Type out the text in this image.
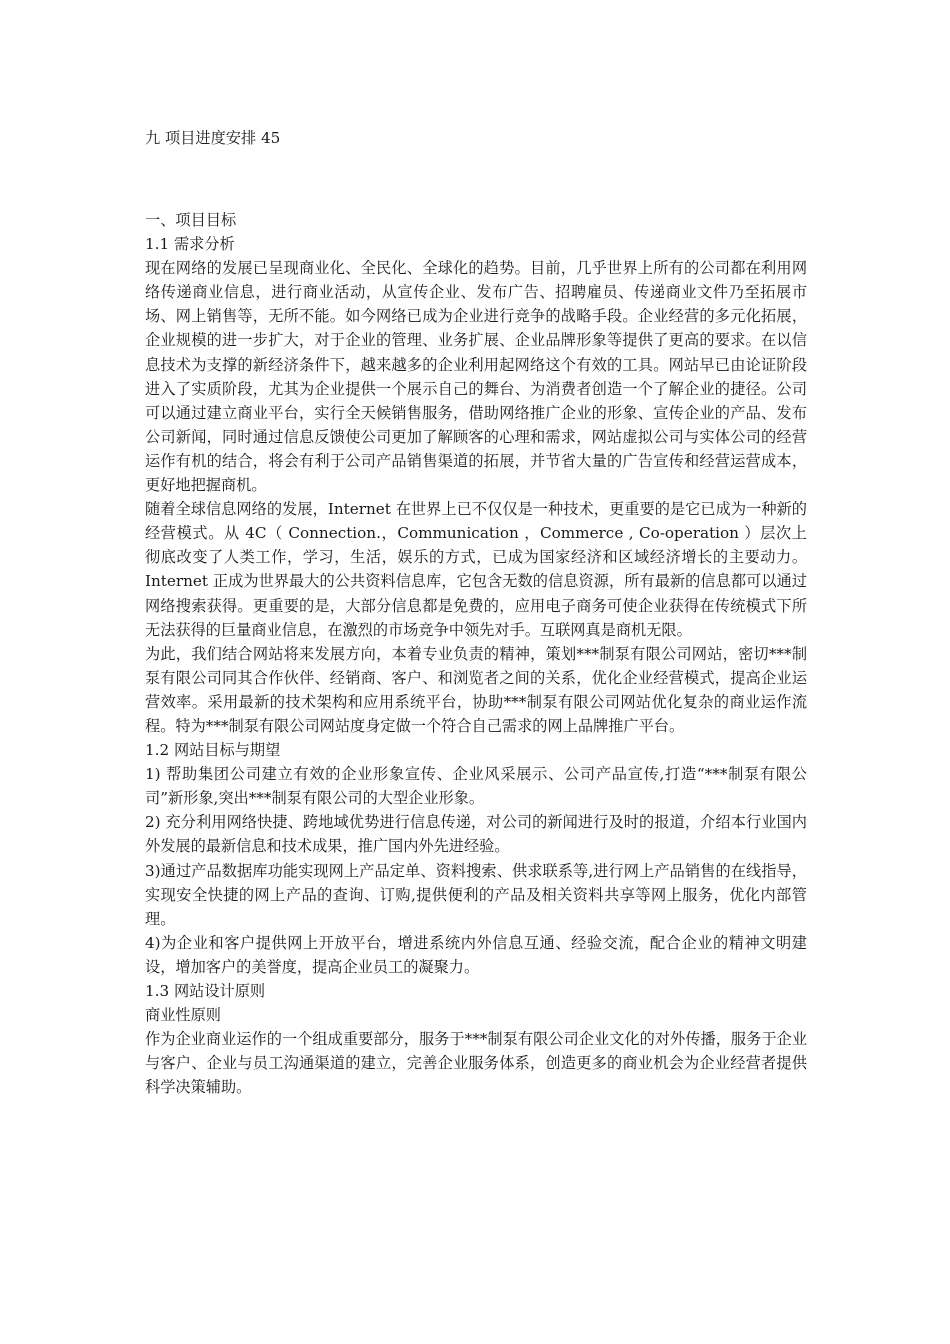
九 项目进度安排 45

一、项目目标

1.1 需求分析

现在网络的发展已呈现商业化、全民化、全球化的趋势。目前，几乎世界上所有的公司都在利用网络传递商业信息，进行商业活动，从宣传企业、发布广告、招聘雇员、传递商业文件乃至拓展市场、网上销售等，无所不能。如今网络已成为企业进行竞争的战略手段。企业经营的多元化拓展，企业规模的进一步扩大，对于企业的管理、业务扩展、企业品牌形象等提供了更高的要求。在以信息技术为支撑的新经济条件下，越来越多的企业利用起网络这个有效的工具。网站早已由论证阶段进入了实质阶段，尤其为企业提供一个展示自己的舞台、为消费者创造一个了解企业的捷径。公司可以通过建立商业平台，实行全天候销售服务，借助网络推广企业的形象、宣传企业的产品、发布公司新闻，同时通过信息反馈使公司更加了解顾客的心理和需求，网站虚拟公司与实体公司的经营运作有机的结合，将会有利于公司产品销售渠道的拓展，并节省大量的广告宣传和经营运营成本，更好地把握商机。

随着全球信息网络的发展，Internet 在世界上已不仅仅是一种技术，更重要的是它已成为一种新的经营模式。从 4C（ Connection.，Communication ，Commerce , Co-operation ）层次上彻底改变了人类工作，学习，生活，娱乐的方式，已成为国家经济和区域经济增长的主要动力。Internet 正成为世界最大的公共资料信息库，它包含无数的信息资源，所有最新的信息都可以通过网络搜索获得。更重要的是，大部分信息都是免费的，应用电子商务可使企业获得在传统模式下所无法获得的巨量商业信息，在激烈的市场竞争中领先对手。互联网真是商机无限。

为此，我们结合网站将来发展方向，本着专业负责的精神，策划***制泵有限公司网站，密切***制泵有限公司同其合作伙伴、经销商、客户、和浏览者之间的关系，优化企业经营模式，提高企业运营效率。采用最新的技术架构和应用系统平台，协助***制泵有限公司网站优化复杂的商业运作流程。特为***制泵有限公司网站度身定做一个符合自己需求的网上品牌推广平台。

1.2 网站目标与期望

1) 帮助集团公司建立有效的企业形象宣传、企业风采展示、公司产品宣传,打造“***制泵有限公司”新形象,突出***制泵有限公司的大型企业形象。

2) 充分利用网络快捷、跨地域优势进行信息传递，对公司的新闻进行及时的报道，介绍本行业国内外发展的最新信息和技术成果，推广国内外先进经验。

3)通过产品数据库功能实现网上产品定单、资料搜索、供求联系等,进行网上产品销售的在线指导，实现安全快捷的网上产品的查询、订购,提供便利的产品及相关资料共享等网上服务，优化内部管理。

4)为企业和客户提供网上开放平台，增进系统内外信息互通、经验交流，配合企业的精神文明建设，增加客户的美誉度，提高企业员工的凝聚力。

1.3 网站设计原则

商业性原则

作为企业商业运作的一个组成重要部分，服务于***制泵有限公司企业文化的对外传播，服务于企业与客户、企业与员工沟通渠道的建立，完善企业服务体系，创造更多的商业机会为企业经营者提供科学决策辅助。
